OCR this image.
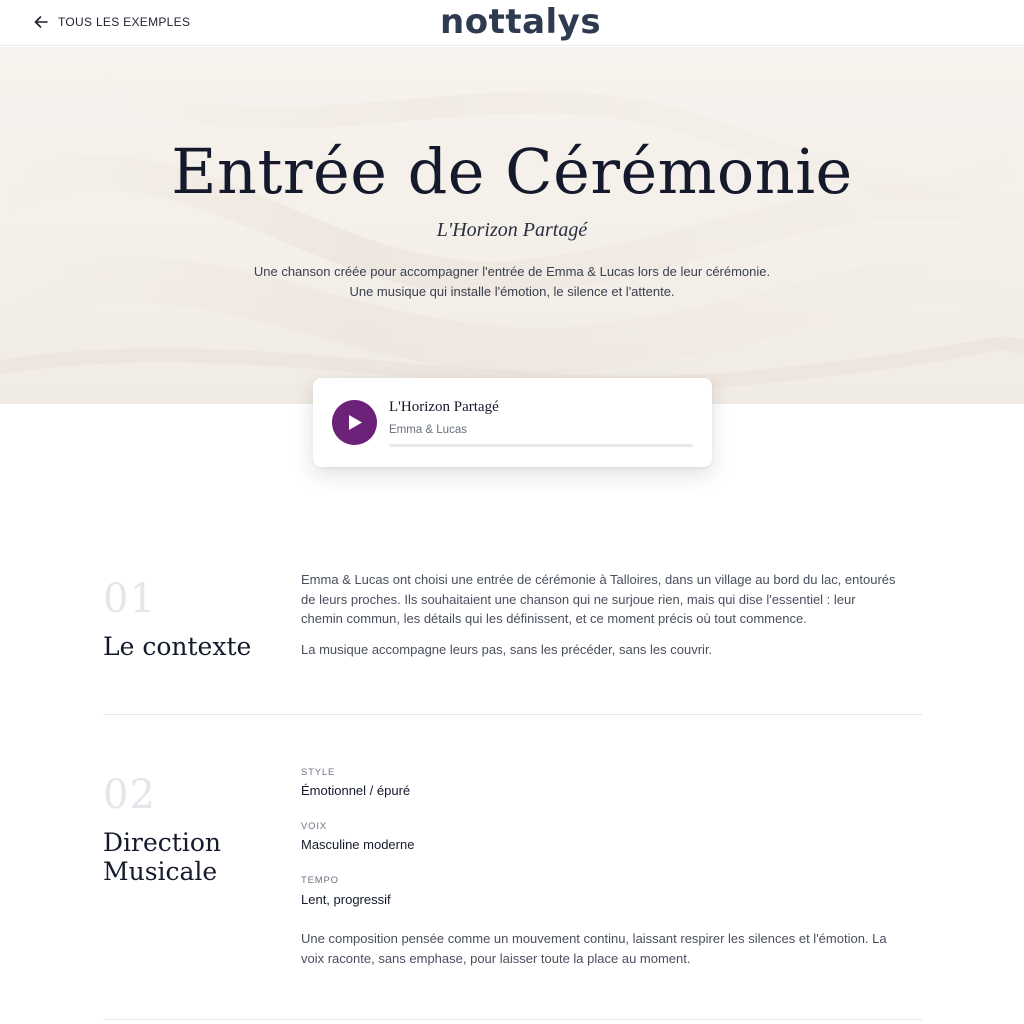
TOUS LES EXEMPLES	nottalys
Entrée de Cérémonie
L'Horizon Partagé
Une chanson créée pour accompagner l'entrée de Emma & Lucas lors de leur cérémonie.
Une musique qui installe l'émotion, le silence et l'attente.
L'Horizon Partagé
Emma & Lucas
01
Le contexte
Emma & Lucas ont choisi une entrée de cérémonie à Talloires, dans un village au bord du lac, entourés
de leurs proches. Ils souhaitaient une chanson qui ne surjoue rien, mais qui dise l'essentiel : leur
chemin commun, les détails qui les définissent, et ce moment précis où tout commence.
La musique accompagne leurs pas, sans les précéder, sans les couvrir.
02
Direction
Musicale
STYLE
Émotionnel / épuré
VOIX
Masculine moderne
TEMPO
Lent, progressif
Une composition pensée comme un mouvement continu, laissant respirer les silences et l'émotion. La
voix raconte, sans emphase, pour laisser toute la place au moment.
